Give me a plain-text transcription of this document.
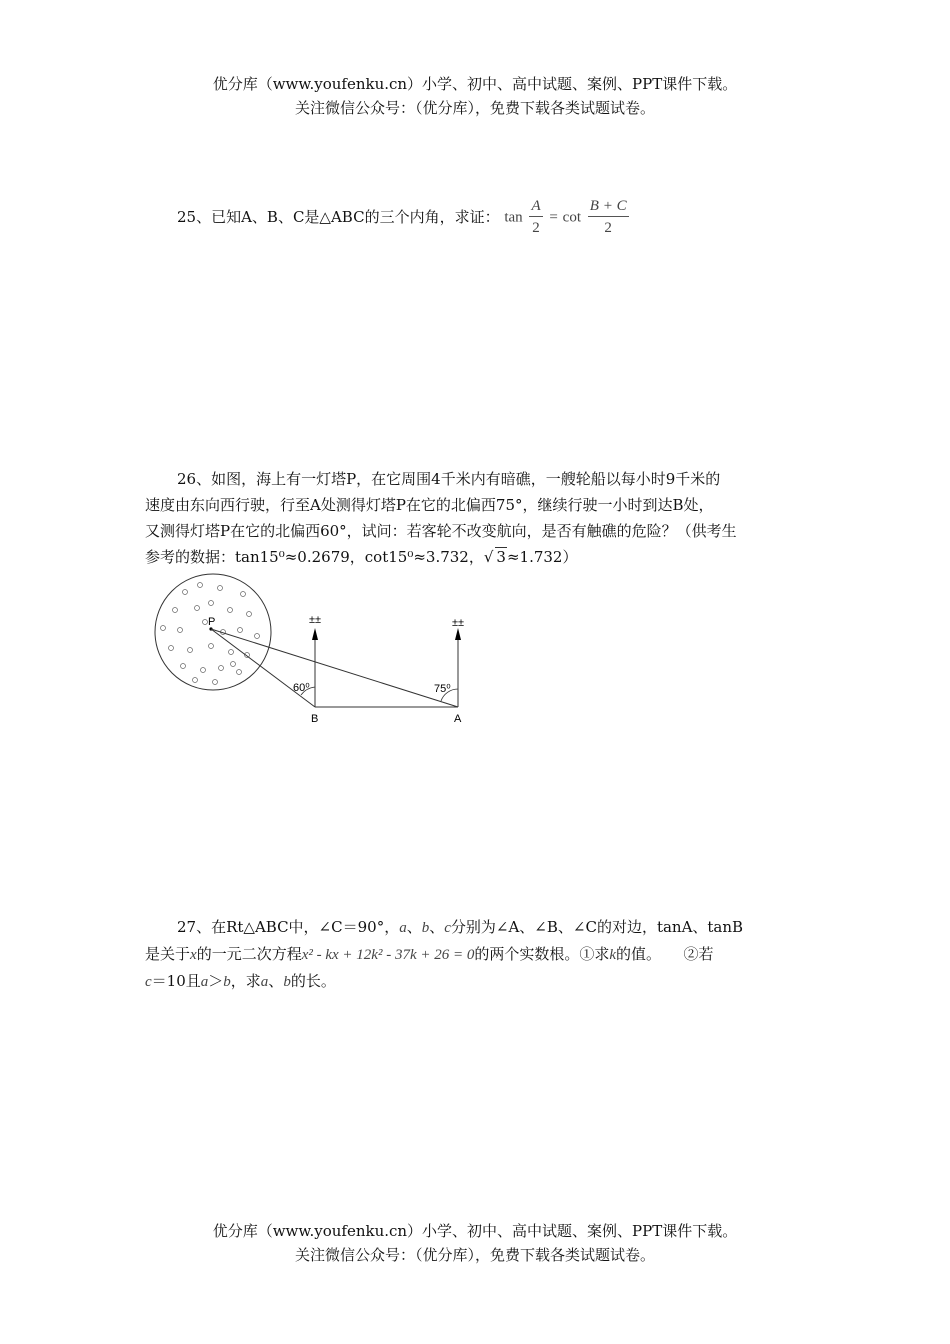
优分库（www.youfenku.cn）小学、初中、高中试题、案例、PPT课件下载。
关注微信公众号：（优分库），免费下载各类试题试卷。
25、已知A、B、C是△ABC的三个内角，求证： $\tan \frac{A}{2} = \cot \frac{B + C}{2}$
26、如图，海上有一灯塔P，在它周围4千米内有暗礁，一艘轮船以每小时9千米的
速度由东向西行驶，行至A处测得灯塔P在它的北偏西75°，继续行驶一小时到达B处，
又测得灯塔P在它的北偏西60°，试问：若客轮不改变航向，是否有触礁的危险？（供考生
参考的数据：tan15⁰≈0.2679，cot15⁰≈3.732，√ 3≈1.732）
P	±±	±±
60⁰	75⁰
B	A
27、在Rt△ABC中，∠C＝90°，a、b、c分别为∠A、∠B、∠C的对边，tanA、tanB
是关于x的一元二次方程x² - kx + 12k² - 37k + 26 = 0的两个实数根。①求k的值。　　②若
c＝10且a＞b，求a、b的长。
优分库（www.youfenku.cn）小学、初中、高中试题、案例、PPT课件下载。
关注微信公众号：（优分库），免费下载各类试题试卷。
